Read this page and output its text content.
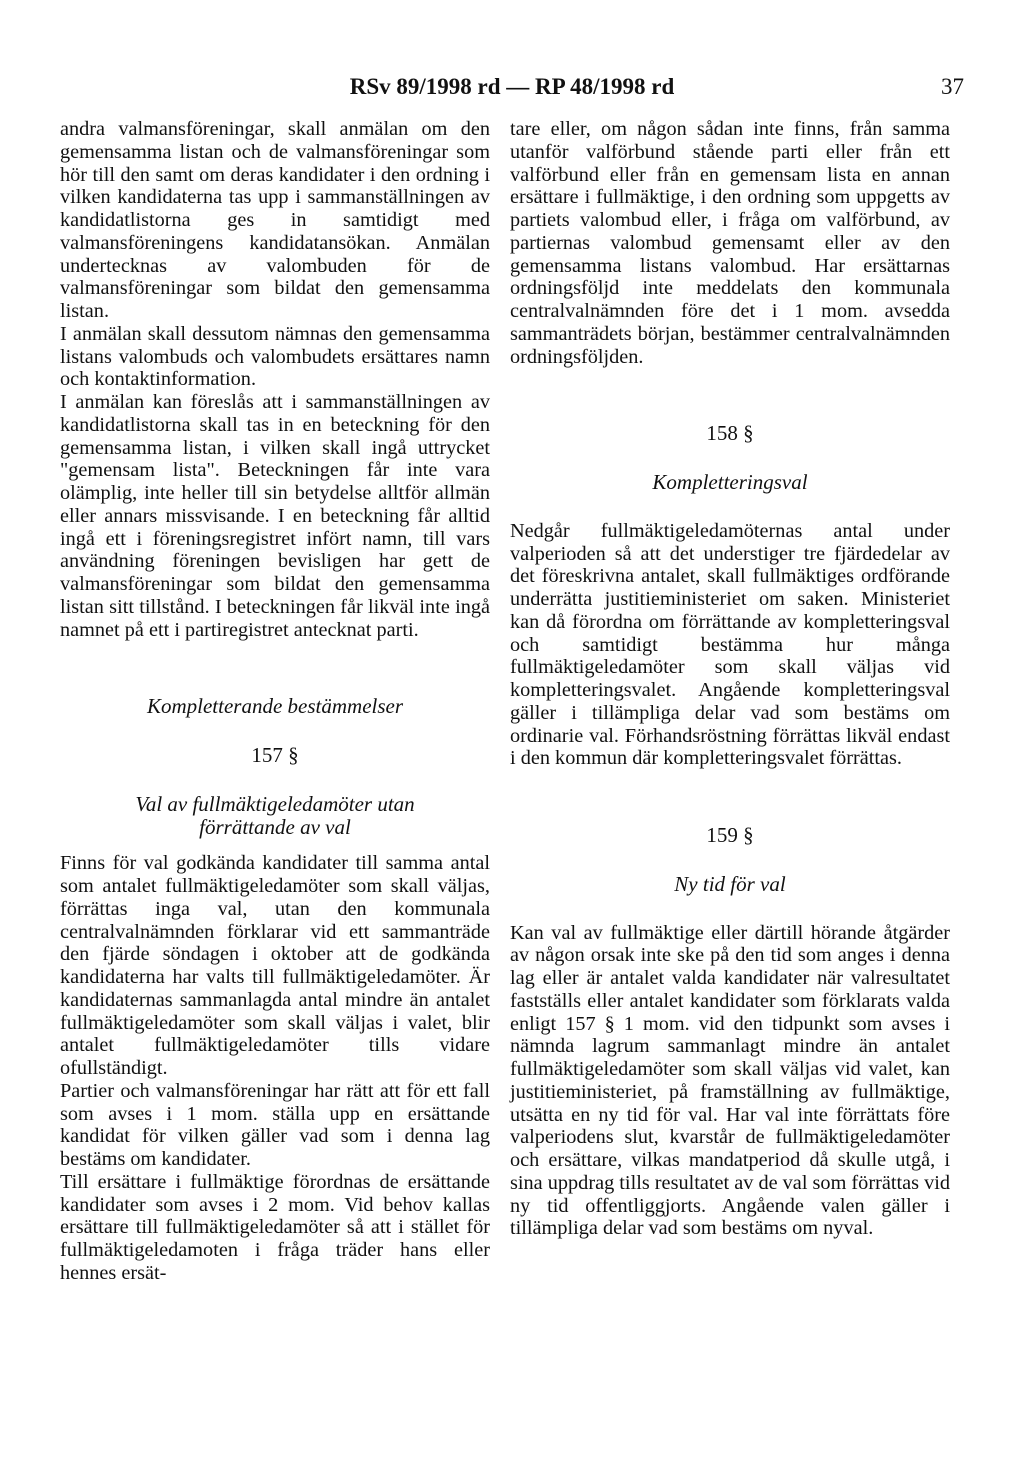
RSv 89/1998 rd — RP 48/1998 rd	37

andra valmansföreningar, skall anmälan om den gemensamma listan och de valmansföreningar som hör till den samt om deras kandidater i den ordning i vilken kandidaterna tas upp i sammanställningen av kandidatlistorna ges in samtidigt med valmansföreningens kandidatansökan. Anmälan undertecknas av valombuden för de valmansföreningar som bildat den gemensamma listan.

I anmälan skall dessutom nämnas den gemensamma listans valombuds och valombudets ersättares namn och kontaktinformation.

I anmälan kan föreslås att i sammanställningen av kandidatlistorna skall tas in en beteckning för den gemensamma listan, i vilken skall ingå uttrycket "gemensam lista". Beteckningen får inte vara olämplig, inte heller till sin betydelse alltför allmän eller annars missvisande. I en beteckning får alltid ingå ett i föreningsregistret infört namn, till vars användning föreningen bevisligen har gett de valmansföreningar som bildat den gemensamma listan sitt tillstånd. I beteckningen får likväl inte ingå namnet på ett i partiregistret antecknat parti.

Kompletterande bestämmelser
157 §
Val av fullmäktigeledamöter utan förrättande av val

Finns för val godkända kandidater till samma antal som antalet fullmäktigeledamöter som skall väljas, förrättas inga val, utan den kommunala centralvalnämnden förklarar vid ett sammanträde den fjärde söndagen i oktober att de godkända kandidaterna har valts till fullmäktigeledamöter. Är kandidaternas sammanlagda antal mindre än antalet fullmäktigeledamöter som skall väljas i valet, blir antalet fullmäktigeledamöter tills vidare ofullständigt.

Partier och valmansföreningar har rätt att för ett fall som avses i 1 mom. ställa upp en ersättande kandidat för vilken gäller vad som i denna lag bestäms om kandidater.

Till ersättare i fullmäktige förordnas de ersättande kandidater som avses i 2 mom. Vid behov kallas ersättare till fullmäktigeledamöter så att i stället för fullmäktigeledamoten i fråga träder hans eller hennes ersät-

tare eller, om någon sådan inte finns, från samma utanför valförbund stående parti eller från ett valförbund eller från en gemensam lista en annan ersättare i fullmäktige, i den ordning som uppgetts av partiets valombud eller, i fråga om valförbund, av partiernas valombud gemensamt eller av den gemensamma listans valombud. Har ersättarnas ordningsföljd inte meddelats den kommunala centralvalnämnden före det i 1 mom. avsedda sammanträdets början, bestämmer centralvalnämnden ordningsföljden.

158 §
Kompletteringsval

Nedgår fullmäktigeledamöternas antal under valperioden så att det understiger tre fjärdedelar av det föreskrivna antalet, skall fullmäktiges ordförande underrätta justitieministeriet om saken. Ministeriet kan då förordna om förrättande av kompletteringsval och samtidigt bestämma hur många fullmäktigeledamöter som skall väljas vid kompletteringsvalet. Angående kompletteringsval gäller i tillämpliga delar vad som bestäms om ordinarie val. Förhandsröstning förrättas likväl endast i den kommun där kompletteringsvalet förrättas.

159 §
Ny tid för val

Kan val av fullmäktige eller därtill hörande åtgärder av någon orsak inte ske på den tid som anges i denna lag eller är antalet valda kandidater när valresultatet fastställs eller antalet kandidater som förklarats valda enligt 157 § 1 mom. vid den tidpunkt som avses i nämnda lagrum sammanlagt mindre än antalet fullmäktigeledamöter som skall väljas vid valet, kan justitieministeriet, på framställning av fullmäktige, utsätta en ny tid för val. Har val inte förrättats före valperiodens slut, kvarstår de fullmäktigeledamöter och ersättare, vilkas mandatperiod då skulle utgå, i sina uppdrag tills resultatet av de val som förrättas vid ny tid offentliggjorts. Angående valen gäller i tillämpliga delar vad som bestäms om nyval.
